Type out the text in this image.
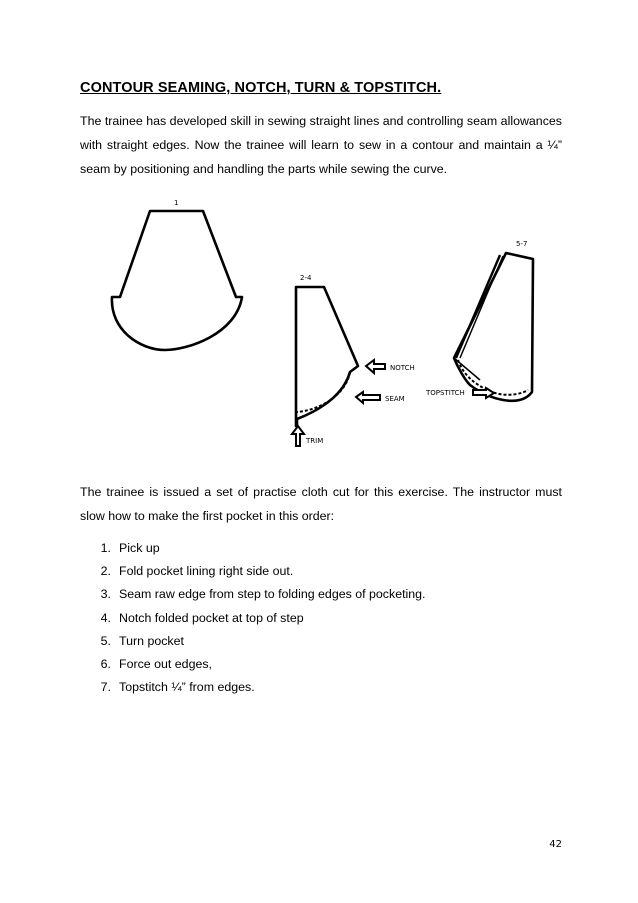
CONTOUR SEAMING, NOTCH, TURN & TOPSTITCH.
The trainee has developed skill in sewing straight lines and controlling seam allowances with straight edges. Now the trainee will learn to sew in a contour and maintain a ¼” seam by positioning and handling the parts while sewing the curve.
1
2-4
NOTCH
SEAM
TRIM
5-7
TOPSTITCH
The trainee is issued a set of practise cloth cut for this exercise. The instructor must slow how to make the first pocket in this order:
1. Pick up
2. Fold pocket lining right side out.
3. Seam raw edge from step to folding edges of pocketing.
4. Notch folded pocket at top of step
5. Turn pocket
6. Force out edges,
7. Topstitch ¼” from edges.
42
